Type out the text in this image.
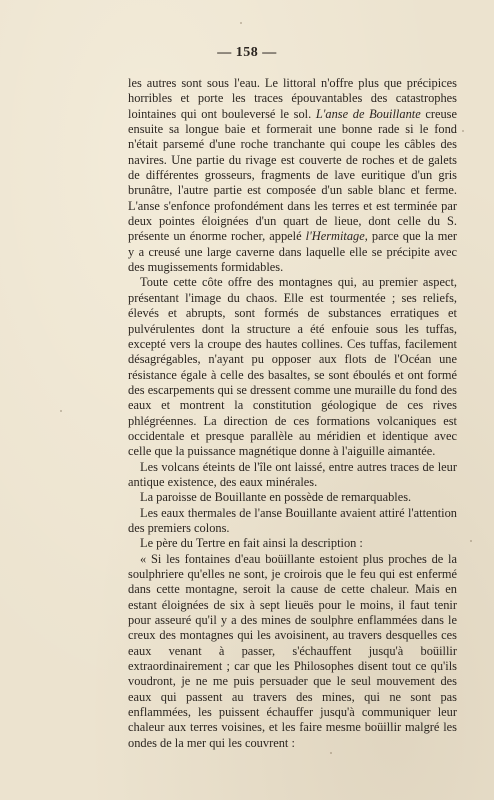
— 158 —

les autres sont sous l'eau. Le littoral n'offre plus que précipices horribles et porte les traces épouvantables des catastrophes lointaines qui ont bouleversé le sol. L'anse de Bouillante creuse ensuite sa longue baie et formerait une bonne rade si le fond n'était parsemé d'une roche tranchante qui coupe les câbles des navires. Une partie du rivage est couverte de roches et de galets de différentes grosseurs, fragments de lave euritique d'un gris brunâtre, l'autre partie est composée d'un sable blanc et ferme. L'anse s'enfonce profondément dans les terres et est terminée par deux pointes éloignées d'un quart de lieue, dont celle du S. présente un énorme rocher, appelé l'Hermitage, parce que la mer y a creusé une large caverne dans laquelle elle se précipite avec des mugissements formidables.

Toute cette côte offre des montagnes qui, au premier aspect, présentant l'image du chaos. Elle est tourmentée ; ses reliefs, élevés et abrupts, sont formés de substances erratiques et pulvérulentes dont la structure a été enfouie sous les tuffas, excepté vers la croupe des hautes collines. Ces tuffas, facilement désagrégables, n'ayant pu opposer aux flots de l'Océan une résistance égale à celle des basaltes, se sont éboulés et ont formé des escarpements qui se dressent comme une muraille du fond des eaux et montrent la constitution géologique de ces rives phlégréennes. La direction de ces formations volcaniques est occidentale et presque parallèle au méridien et identique avec celle que la puissance magnétique donne à l'aiguille aimantée.

Les volcans éteints de l'île ont laissé, entre autres traces de leur antique existence, des eaux minérales.

La paroisse de Bouillante en possède de remarquables.

Les eaux thermales de l'anse Bouillante avaient attiré l'attention des premiers colons.

Le père du Tertre en fait ainsi la description :

« Si les fontaines d'eau boüillante estoient plus proches de la soulphriere qu'elles ne sont, je croirois que le feu qui est enfermé dans cette montagne, seroit la cause de cette chaleur. Mais en estant éloignées de six à sept lieuës pour le moins, il faut tenir pour asseuré qu'il y a des mines de soulphre enflammées dans le creux des montagnes qui les avoisinent, au travers desquelles ces eaux venant à passer, s'échauffent jusqu'à boüillir extraordinairement ; car que les Philosophes disent tout ce qu'ils voudront, je ne me puis persuader que le seul mouvement des eaux qui passent au travers des mines, qui ne sont pas enflammées, les puissent échauffer jusqu'à communiquer leur chaleur aux terres voisines, et les faire mesme boüillir malgré les ondes de la mer qui les couvrent :
